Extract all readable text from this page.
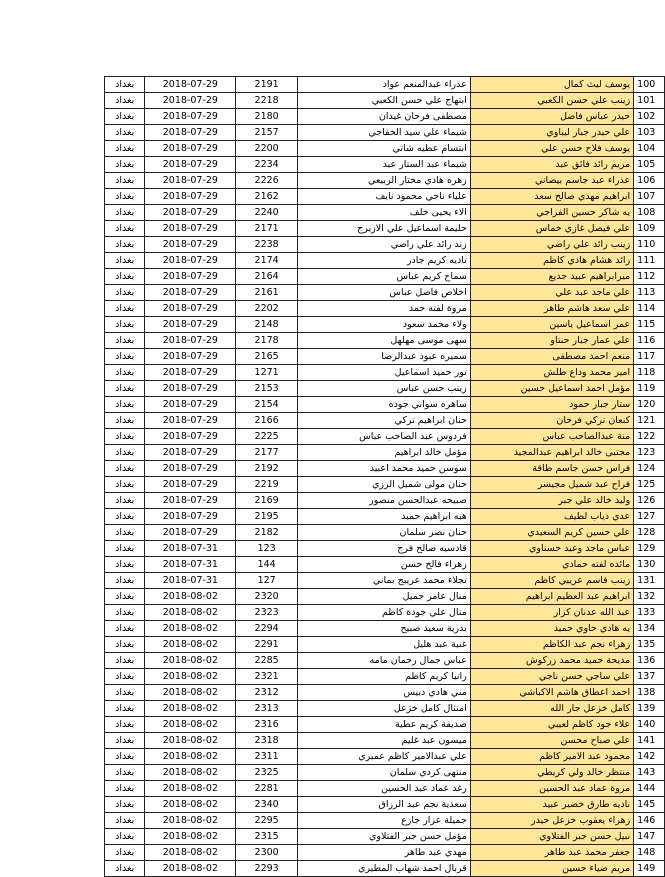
بغداد	2018-07-29	2191	عذراء عبدالمنعم عواد	يوسف ليث كمال	100
بغداد	2018-07-29	2218	ابتهاج علي حسن الكعبي	زينب علي حسن الكعبي	101
بغداد	2018-07-29	2180	مصطفى فرحان غيدان	حيدر عباس فاضل	102
بغداد	2018-07-29	2157	شيماء علي سيد الخفاجي	علي حيدر جبار ليباوي	103
بغداد	2018-07-29	2200	ابتسام عطيه شاتي	يوسف فلاح حسن علي	104
بغداد	2018-07-29	2234	شيماء عبد الستار عبد	مريم رائد فائق عبد	105
بغداد	2018-07-29	2226	زهره هادي مختار الربيعي	عذراء عبد جاسم بيضاني	106
بغداد	2018-07-29	2162	علياء ناجي محمود نايف	ابراهيم مهدي صالح سعد	107
بغداد	2018-07-29	2240	الاء يحيى خلف	يه شاكر حسين الفراجي	108
بغداد	2018-07-29	2171	حليمة اسماعيل علي الازيرج	علي فيصل غازي خماس	109
بغداد	2018-07-29	2238	زند رائد علي راضي	زينب رائد علي راضي	110
بغداد	2018-07-29	2174	ناديه كريم جادر	زائد هشام هادي كاظم	111
بغداد	2018-07-29	2164	سماح كريم عباس	ميرابراهيم عبيد جديع	112
بغداد	2018-07-29	2161	اخلاص فاضل عباس	علي ماجد عبد علي	113
بغداد	2018-07-29	2202	مروة لفته حمد	علي سعد هاشم طاهر	114
بغداد	2018-07-29	2148	ولاء محمد سعود	عمر اسماعيل ياسين	115
بغداد	2018-07-29	2178	سهى موسى مهلهل	علي عمار جبار حنتاو	116
بغداد	2018-07-29	2165	سميره عبود عبدالرضا	منعم احمد مصطفى	117
بغداد	2018-07-29	1271	نور حميد اسماعيل	امير محمد وداع طلش	118
بغداد	2018-07-29	2153	زينب حسن عباس	مؤمل احمد اسماعيل حسين	119
بغداد	2018-07-29	2154	ساهره سواني جوده	ستار جبار حمود	120
بغداد	2018-07-29	2166	حنان ابراهيم تركي	كنعان تركي فرحان	121
بغداد	2018-07-29	2225	فردوس عبد الصاحب عباس	منة عبدالصاحب عباس	122
بغداد	2018-07-29	2177	مؤمل خالد ابراهيم	مجتبى خالد ابراهيم عبدالمجيد	123
بغداد	2018-07-29	2192	سوسن حميد محمد اعبيد	فراس حسن جاسم طاقة	124
بغداد	2018-07-29	2219	حنان مولى شميل الرزي	فراح عبد شميل مجيسر	125
بغداد	2018-07-29	2169	صبيحه عبدالحسن منصور	وليد خالد علي جبر	126
بغداد	2018-07-29	2195	هبه ابراهيم حميد	عدي ذياب لطيف	127
بغداد	2018-07-29	2182	حنان نصر سلمان	علي حسين كريم السعيدي	128
بغداد	2018-07-31	123	قادسيه صالح فرج	عباس ماجد وعيد حسناوي	129
بغداد	2018-07-31	144	زهراء فالح حسن	مائده لفته حمادي	130
بغداد	2018-07-31	127	نجلاء محمد عريبج بماني	زينب قاسم عريبي كاظم	131
بغداد	2018-08-02	2320	منال عامر جميل	ابراهيم عبد العظيم ابراهيم	132
بغداد	2018-08-02	2323	منال علي جودة كاظم	عبد الله عدنان كزار	133
بغداد	2018-08-02	2294	بدرية سعيد صبيح	يه هادي حاوي حميد	134
بغداد	2018-08-02	2291	غنية عبد هليل	زهراء نجم عبد الكاظم	135
بغداد	2018-08-02	2285	عباس جمال رحمان مامه	مديحة حميد محمد زركوش	136
بغداد	2018-08-02	2321	رانيا كريم كاظم	علي ساجي حسن ناجي	137
بغداد	2018-08-02	2312	مني هادي دبيس	احمد اعطاق هاشم الاكباشي	138
بغداد	2018-08-02	2313	امتثال كامل خزعل	كامل خزعل جار الله	139
بغداد	2018-08-02	2316	صديقة كريم عطية	علاء جود كاظم لعيبي	140
بغداد	2018-08-02	2318	ميسون عبد غليم	علي صباح محسن	141
بغداد	2018-08-02	2311	علي عبدالامير كاظم عميري	محمود عبد الامير كاظم	142
بغداد	2018-08-02	2325	منتهى كردي سلمان	منتظر خالد ولي كريطي	143
بغداد	2018-08-02	2281	رغد عماد عبد الحسين	مروة عماد عبد الحسين	144
بغداد	2018-08-02	2340	سعدية نجم عبد الرزاق	ناديه طارق خضير عبيد	145
بغداد	2018-08-02	2295	جميلة عزار جازع	زهراء يعقوب خزعل حيدر	146
بغداد	2018-08-02	2315	مؤمل حسن جبر الفتلاوي	نبيل حسن جبر الفتلاوي	147
بغداد	2018-08-02	2300	مهدي عبد طاهر	جعفر محمد عبد طاهر	148
بغداد	2018-08-02	2293	قربال احمد شهاب المطيري	مريم ضياء حسين	149
